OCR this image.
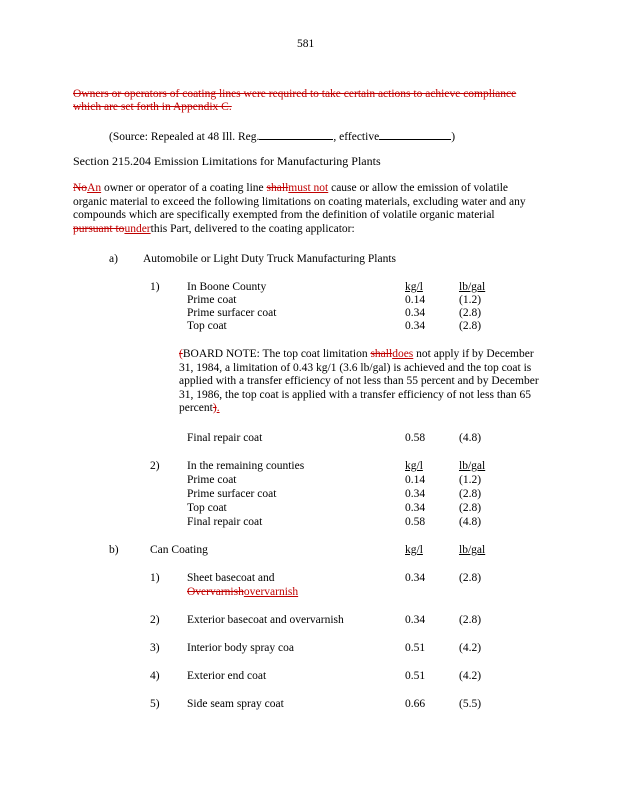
581
Owners or operators of coating lines were required to take certain actions to achieve compliance
which are set forth in Appendix C.
(Source: Repealed at 48 Ill. Reg.	, effective	)
Section 215.204 Emission Limitations for Manufacturing Plants
NoAn owner or operator of a coating line shallmust not cause or allow the emission of volatile organic material to exceed the following limitations on coating materials, excluding water and any compounds which are specifically exempted from the definition of volatile organic material pursuant tounderthis Part, delivered to the coating applicator:
a) Automobile or Light Duty Truck Manufacturing Plants
1) In Boone County	kg/l	lb/gal
Prime coat	0.14	(1.2)
Prime surfacer coat	0.34	(2.8)
Top coat	0.34	(2.8)
(BOARD NOTE: The top coat limitation shalldoes not apply if by December 31, 1984, a limitation of 0.43 kg/1 (3.6 lb/gal) is achieved and the top coat is applied with a transfer efficiency of not less than 55 percent and by December 31, 1986, the top coat is applied with a transfer efficiency of not less than 65 percent).
Final repair coat	0.58	(4.8)
2) In the remaining counties	kg/l	lb/gal
Prime coat	0.14	(1.2)
Prime surfacer coat	0.34	(2.8)
Top coat	0.34	(2.8)
Final repair coat	0.58	(4.8)
b)	Can Coating	kg/l	lb/gal
1) Sheet basecoat and
Overvarnishovervarnish
0.34	(2.8)
2) Exterior basecoat and overvarnish	0.34	(2.8)
3) Interior body spray coa	0.51	(4.2)
4) Exterior end coat	0.51	(4.2)
5) Side seam spray coat	0.66	(5.5)
